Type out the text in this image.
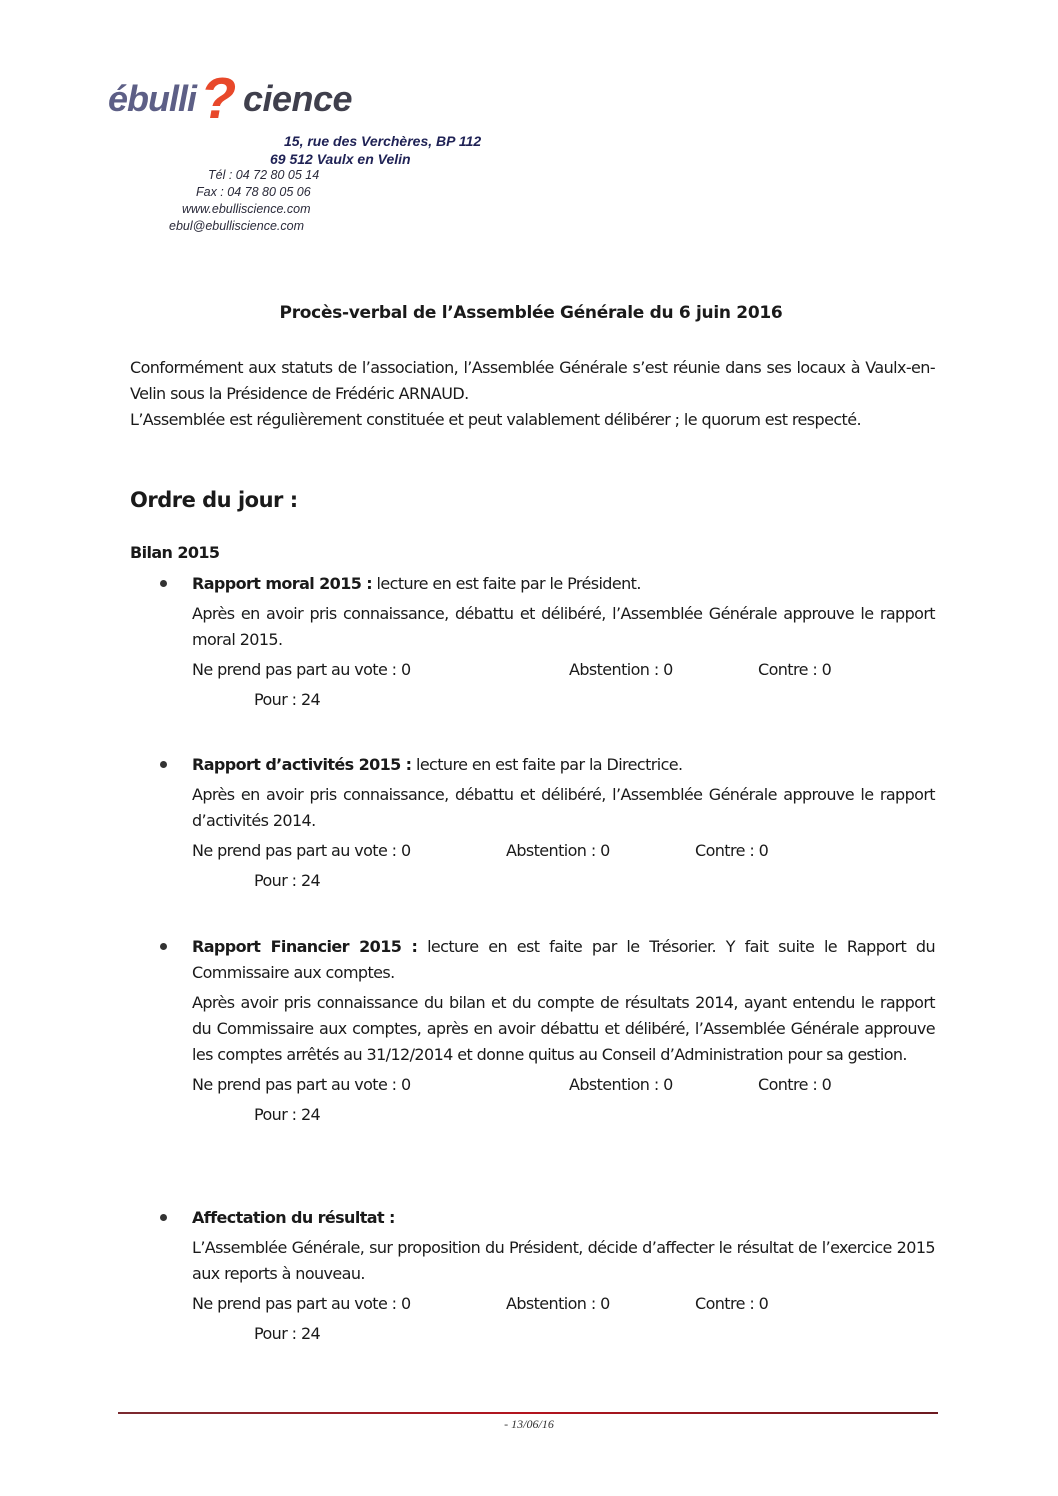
ébulli ? cience
15, rue des Verchères, BP 112
69 512 Vaulx en Velin
Tél : 04 72 80 05 14
Fax : 04 78 80 05 06
www.ebulliscience.com
ebul@ebulliscience.com
Procès-verbal de l’Assemblée Générale du 6 juin 2016

Conformément aux statuts de l’association, l’Assemblée Générale s’est réunie dans ses locaux à Vaulx-en-Velin sous la Présidence de Frédéric ARNAUD.

L’Assemblée est régulièrement constituée et peut valablement délibérer ; le quorum est respecté.

Ordre du jour :
Bilan 2015

Rapport moral 2015 : lecture en est faite par le Président.

Après en avoir pris connaissance, débattu et délibéré, l’Assemblée Générale approuve le rapport moral 2015.

Ne prend pas part au vote : 0	Abstention : 0	Contre : 0
Pour : 24

Rapport d’activités 2015 : lecture en est faite par la Directrice.

Après en avoir pris connaissance, débattu et délibéré, l’Assemblée Générale approuve le rapport d’activités 2014.

Ne prend pas part au vote : 0	Abstention : 0	Contre : 0
Pour : 24

Rapport Financier 2015 : lecture en est faite par le Trésorier. Y fait suite le Rapport du Commissaire aux comptes.

Après avoir pris connaissance du bilan et du compte de résultats 2014, ayant entendu le rapport du Commissaire aux comptes, après en avoir débattu et délibéré, l’Assemblée Générale approuve les comptes arrêtés au 31/12/2014 et donne quitus au Conseil d’Administration pour sa gestion.

Ne prend pas part au vote : 0	Abstention : 0	Contre : 0
Pour : 24

Affectation du résultat :

L’Assemblée Générale, sur proposition du Président, décide d’affecter le résultat de l’exercice 2015 aux reports à nouveau.

Ne prend pas part au vote : 0	Abstention : 0	Contre : 0
Pour : 24
- 13/06/16
